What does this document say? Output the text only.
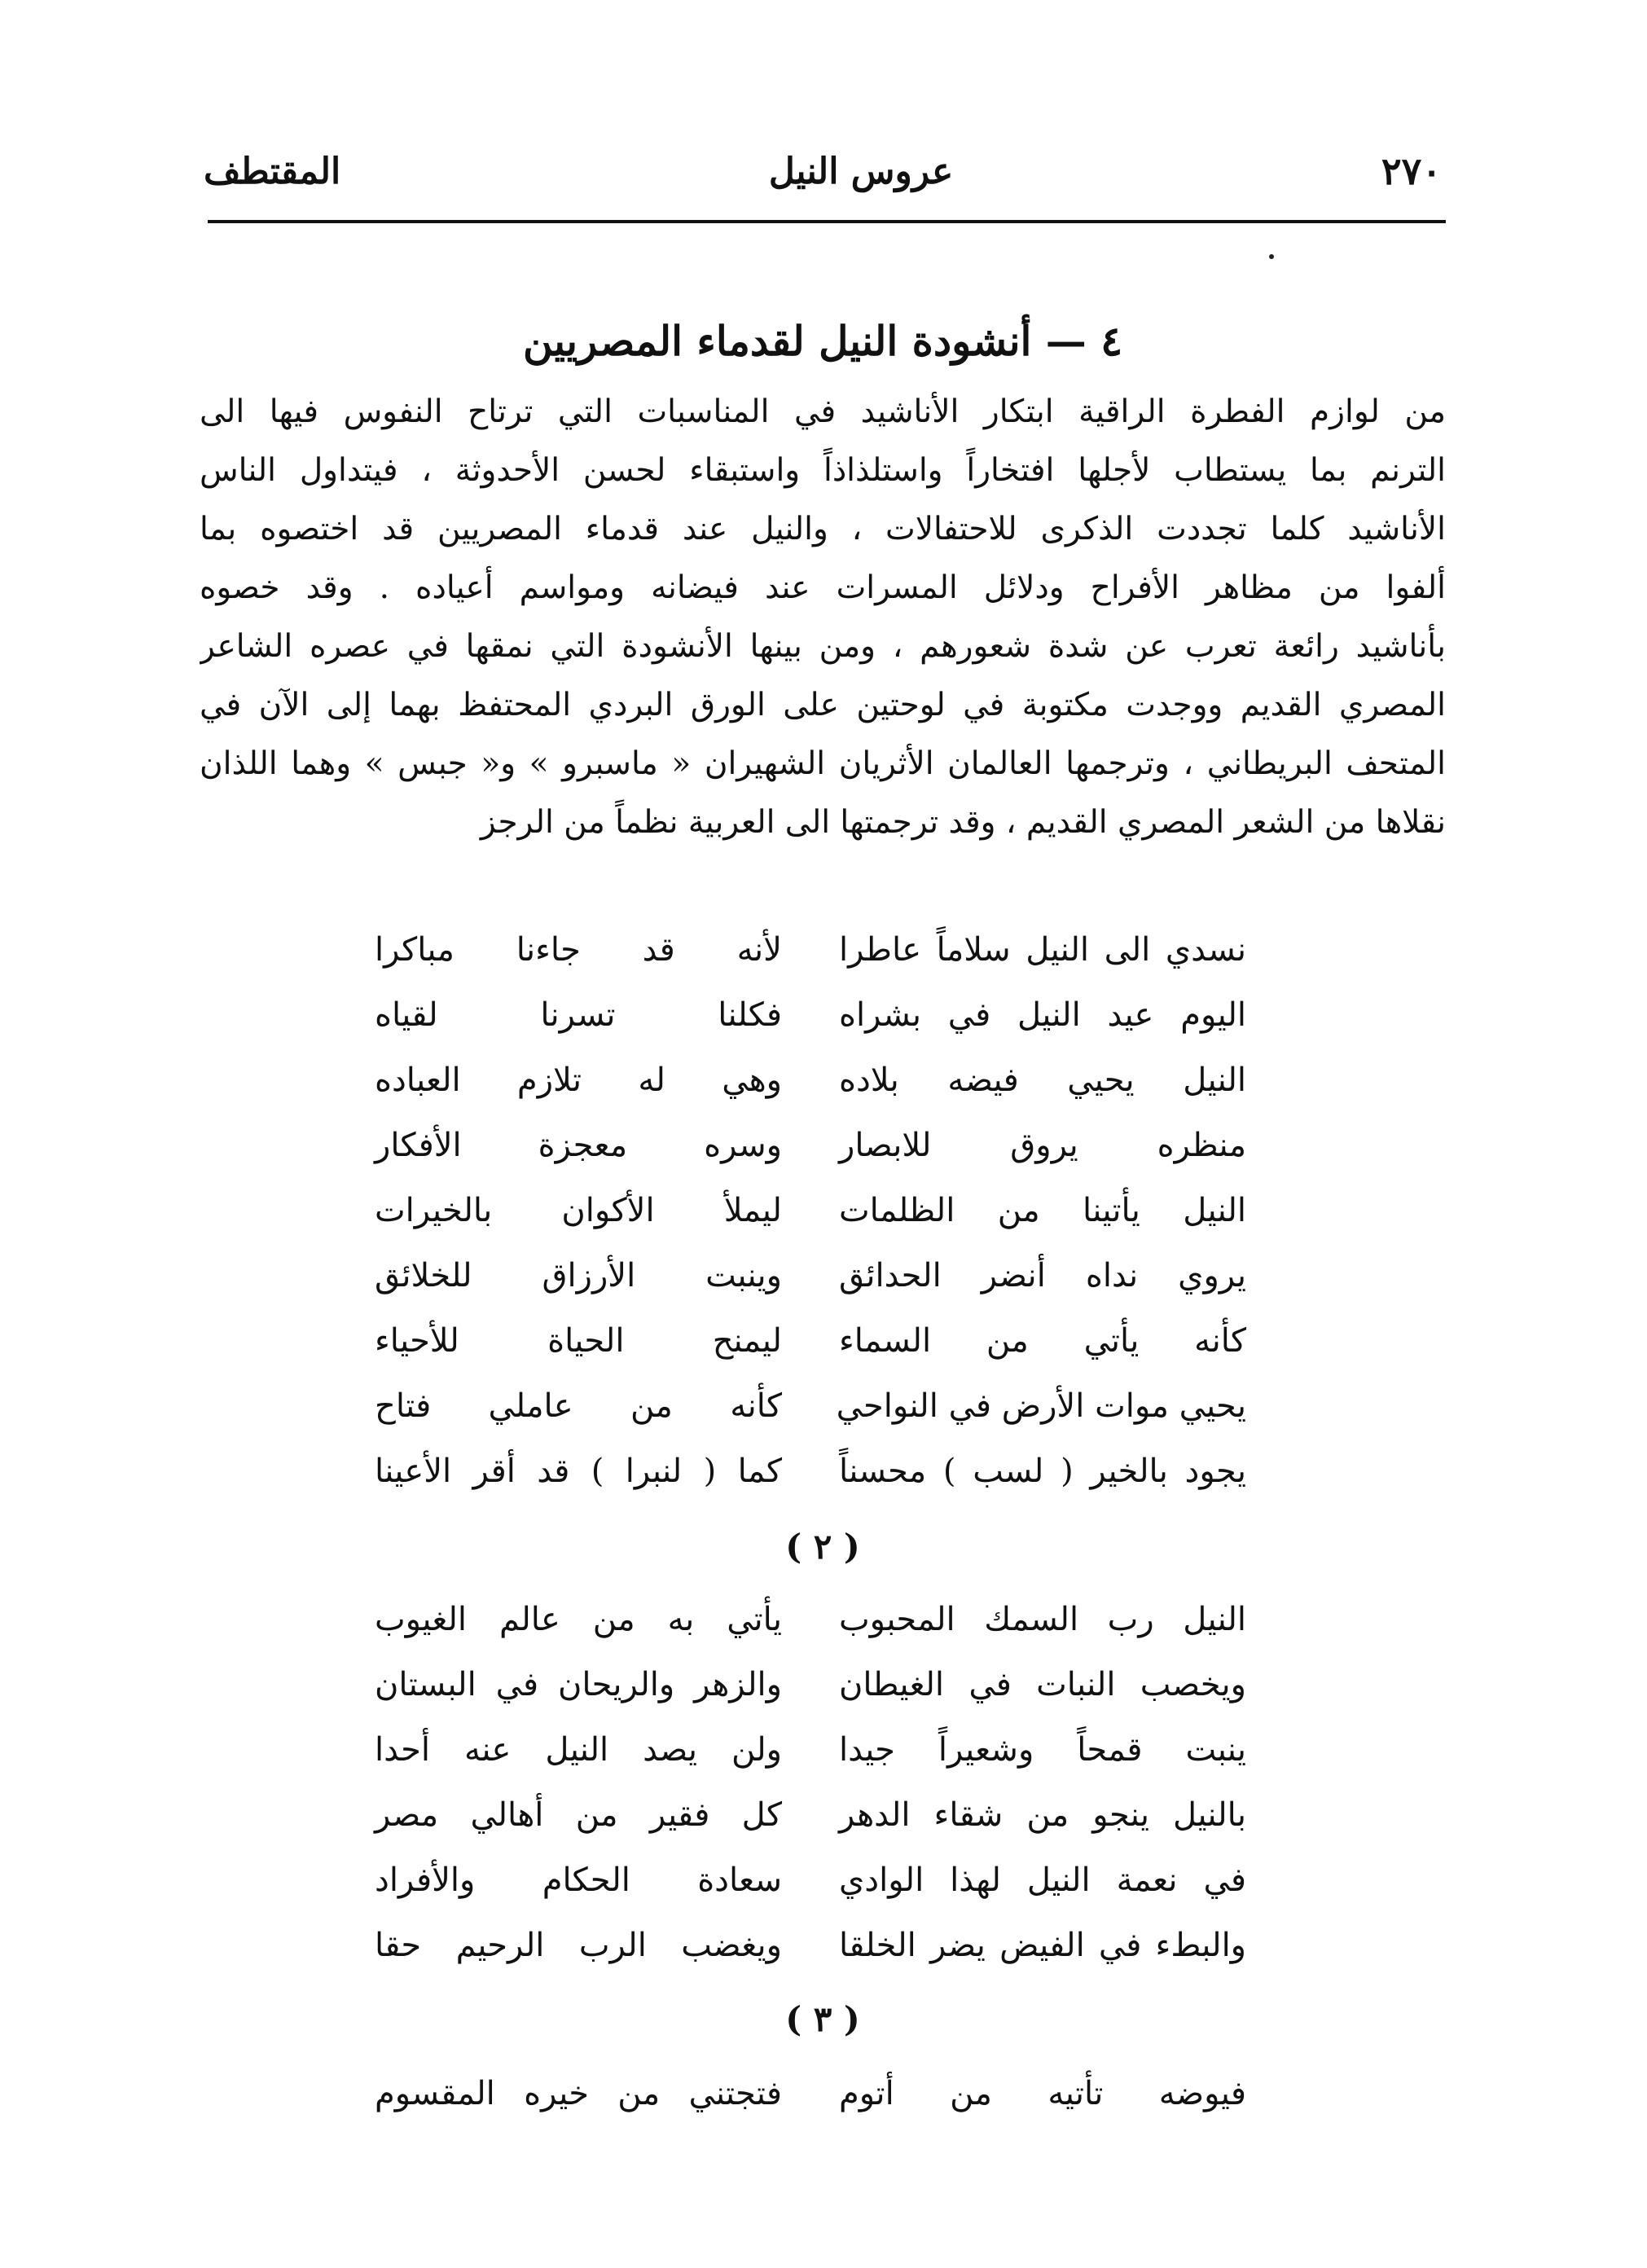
٢٧٠
عروس النيل
المقتطف
٤ — أنشودة النيل لقدماء المصريين
من لوازم الفطرة الراقية ابتكار الأناشيد في المناسبات التي ترتاح النفوس فيها الى
الترنم بما يستطاب لأجلها افتخاراً واستلذاذاً واستبقاء لحسن الأحدوثة ، فيتداول الناس
الأناشيد كلما تجددت الذكرى للاحتفالات ، والنيل عند قدماء المصريين قد اختصوه بما
ألفوا من مظاهر الأفراح ودلائل المسرات عند فيضانه ومواسم أعياده . وقد خصوه
بأناشيد رائعة تعرب عن شدة شعورهم ، ومن بينها الأنشودة التي نمقها في عصره الشاعر
المصري القديم ووجدت مكتوبة في لوحتين على الورق البردي المحتفظ بهما إلى الآن في
المتحف البريطاني ، وترجمها العالمان الأثريان الشهيران « ماسبرو » و« جبس » وهما اللذان
نقلاها من الشعر المصري القديم ، وقد ترجمتها الى العربية نظماً من الرجز
نسدي الى النيل سلاماً عاطرا
لأنه قد جاءنا مباكرا
اليوم عيد النيل في بشراه
فكلنا تسرنا لقياه
النيل يحيي فيضه بلاده
وهي له تلازم العباده
منظره يروق للابصار
وسره معجزة الأفكار
النيل يأتينا من الظلمات
ليملأ الأكوان بالخيرات
يروي نداه أنضر الحدائق
وينبت الأرزاق للخلائق
كأنه يأتي من السماء
ليمنح الحياة للأحياء
يحيي موات الأرض في النواحي
كأنه من عاملي فتاح
يجود بالخير ( لسب ) محسناً
كما ( لنبرا ) قد أقر الأعينا
( ٢ )
النيل رب السمك المحبوب
يأتي به من عالم الغيوب
ويخصب النبات في الغيطان
والزهر والريحان في البستان
ينبت قمحاً وشعيراً جيدا
ولن يصد النيل عنه أحدا
بالنيل ينجو من شقاء الدهر
كل فقير من أهالي مصر
في نعمة النيل لهذا الوادي
سعادة الحكام والأفراد
والبطء في الفيض يضر الخلقا
ويغضب الرب الرحيم حقا
( ٣ )
فيوضه تأتيه من أتوم
فتجتني من خيره المقسوم
